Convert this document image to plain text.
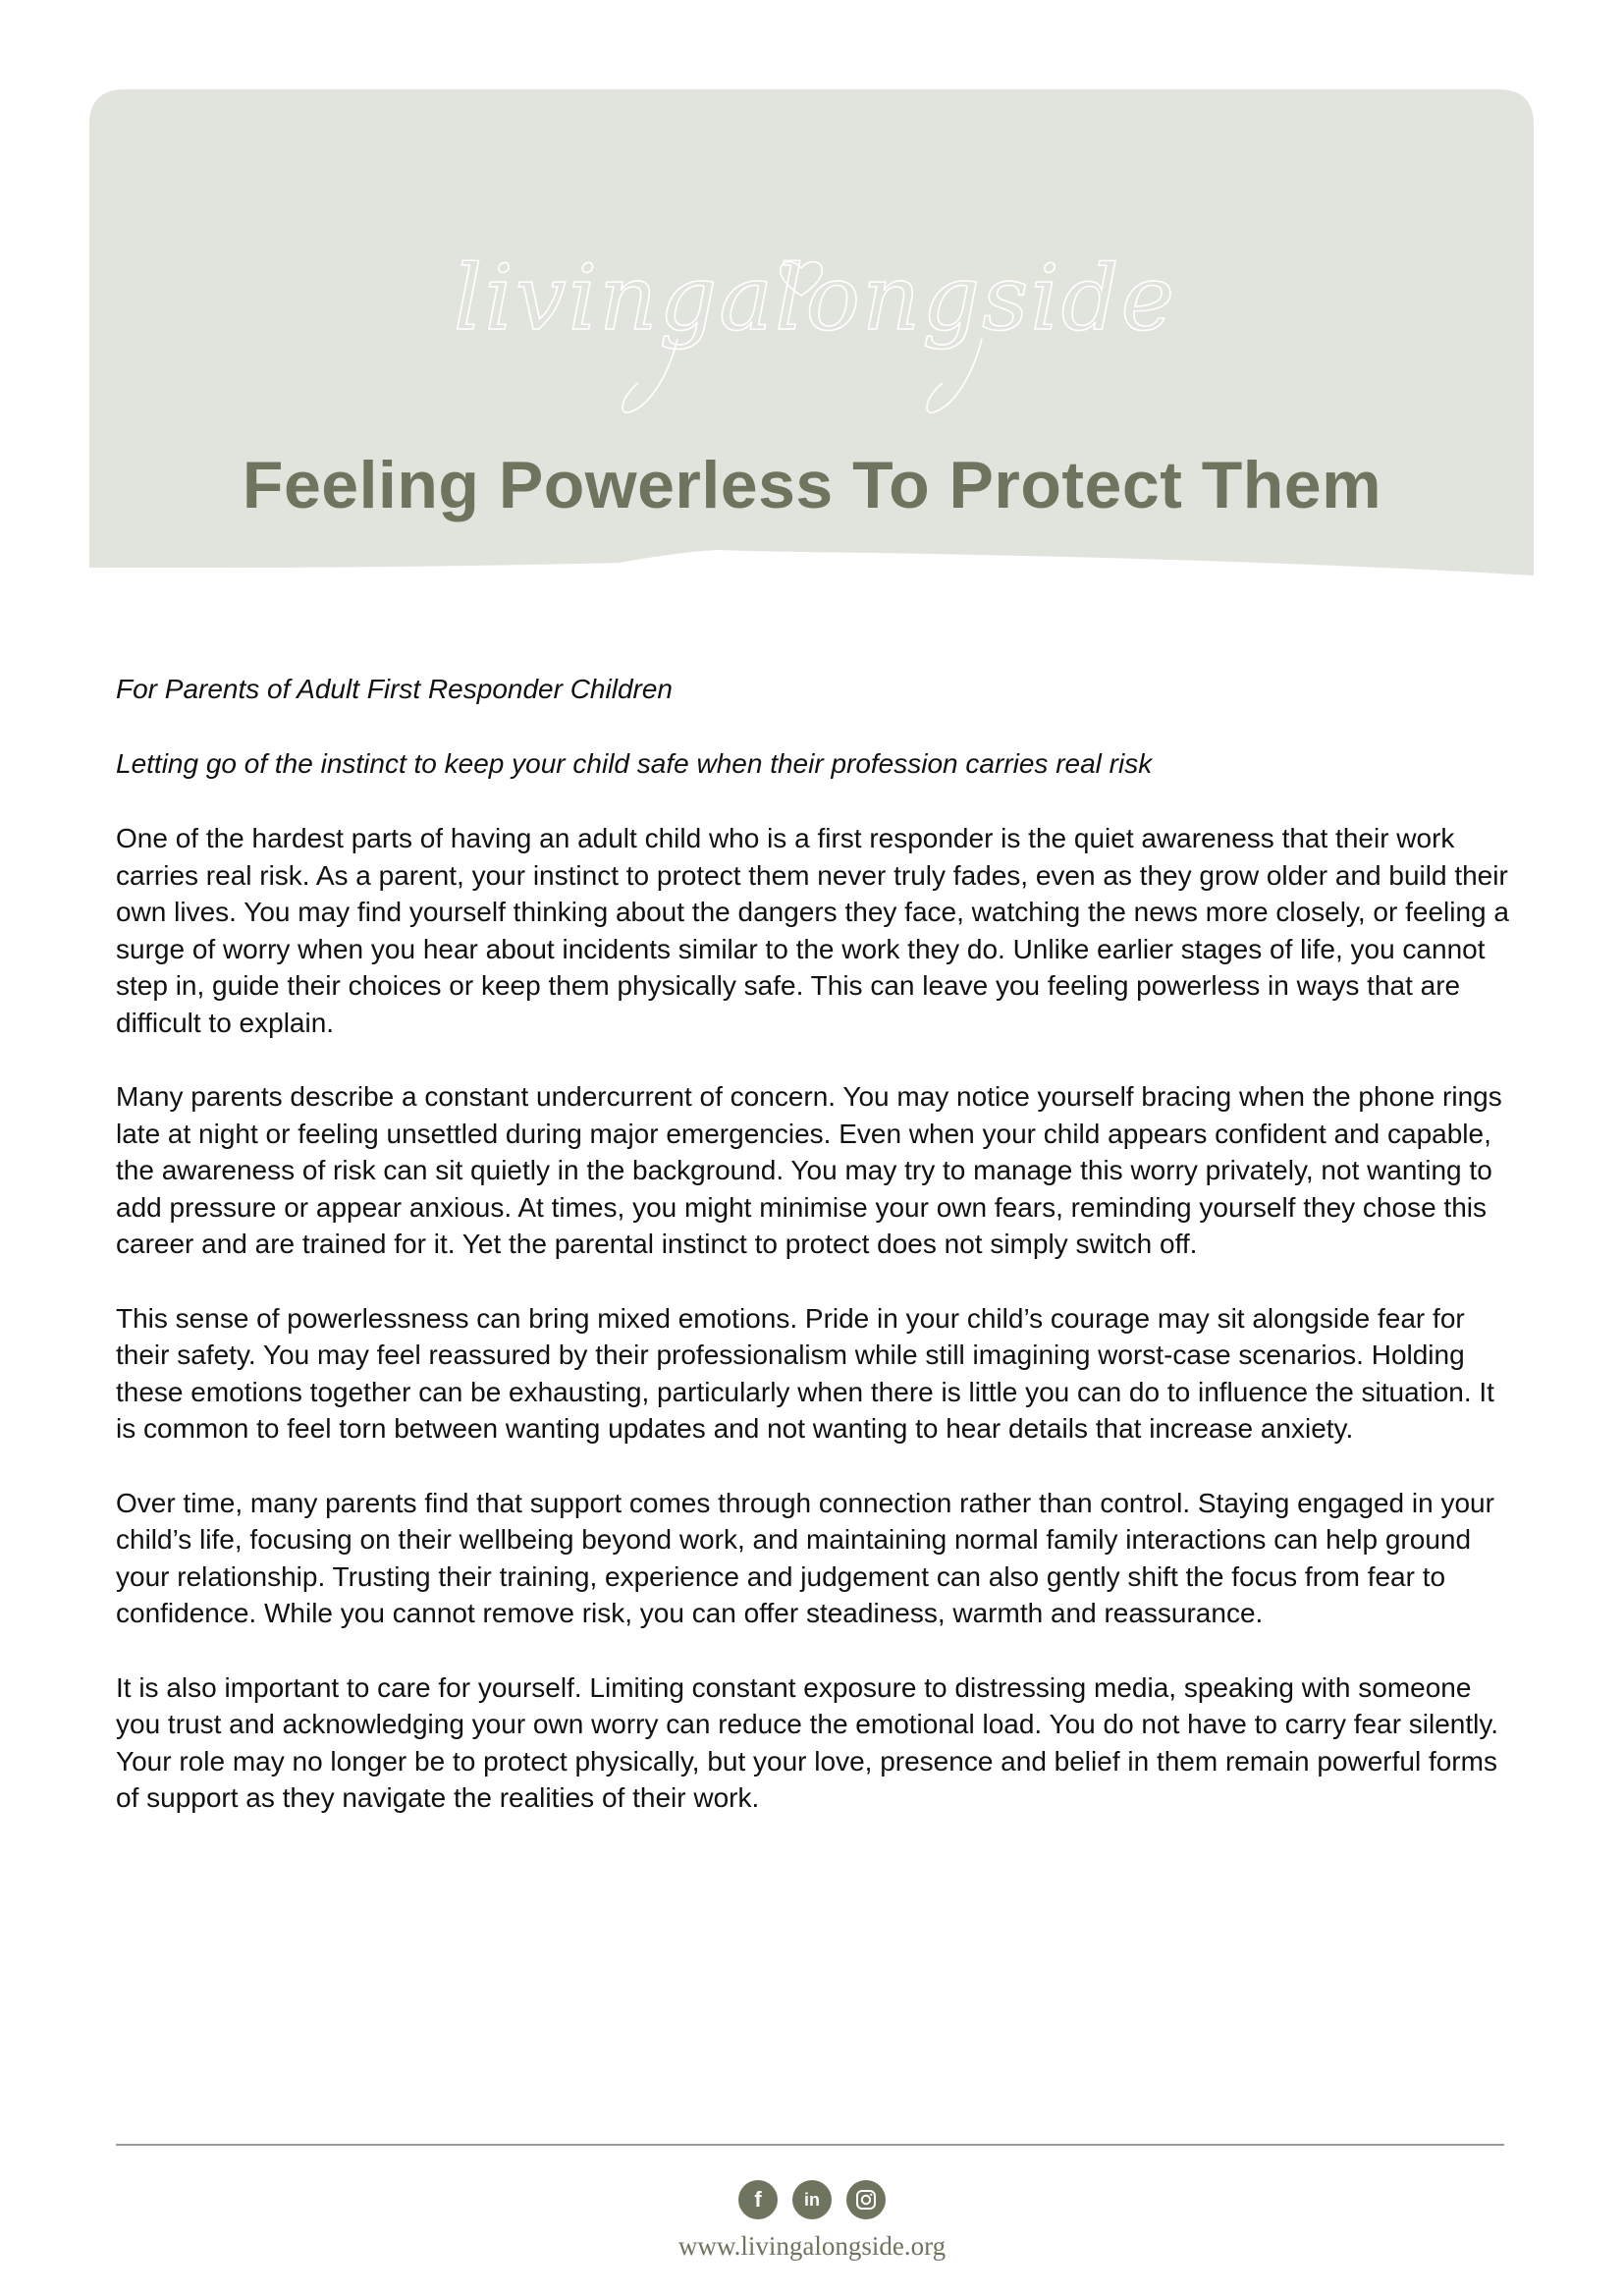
livingalongside
Feeling Powerless To Protect Them

For Parents of Adult First Responder Children

Letting go of the instinct to keep your child safe when their profession carries real risk

One of the hardest parts of having an adult child who is a first responder is the quiet awareness that their work carries real risk. As a parent, your instinct to protect them never truly fades, even as they grow older and build their own lives. You may find yourself thinking about the dangers they face, watching the news more closely, or feeling a surge of worry when you hear about incidents similar to the work they do. Unlike earlier stages of life, you cannot step in, guide their choices or keep them physically safe. This can leave you feeling powerless in ways that are difficult to explain.

Many parents describe a constant undercurrent of concern. You may notice yourself bracing when the phone rings late at night or feeling unsettled during major emergencies. Even when your child appears confident and capable, the awareness of risk can sit quietly in the background. You may try to manage this worry privately, not wanting to add pressure or appear anxious. At times, you might minimise your own fears, reminding yourself they chose this career and are trained for it. Yet the parental instinct to protect does not simply switch off.

This sense of powerlessness can bring mixed emotions. Pride in your child’s courage may sit alongside fear for their safety. You may feel reassured by their professionalism while still imagining worst-case scenarios. Holding these emotions together can be exhausting, particularly when there is little you can do to influence the situation. It is common to feel torn between wanting updates and not wanting to hear details that increase anxiety.

Over time, many parents find that support comes through connection rather than control. Staying engaged in your child’s life, focusing on their wellbeing beyond work, and maintaining normal family interactions can help ground your relationship. Trusting their training, experience and judgement can also gently shift the focus from fear to confidence. While you cannot remove risk, you can offer steadiness, warmth and reassurance.

It is also important to care for yourself. Limiting constant exposure to distressing media, speaking with someone you trust and acknowledging your own worry can reduce the emotional load. You do not have to carry fear silently. Your role may no longer be to protect physically, but your love, presence and belief in them remain powerful forms of support as they navigate the realities of their work.

f in
www.livingalongside.org
